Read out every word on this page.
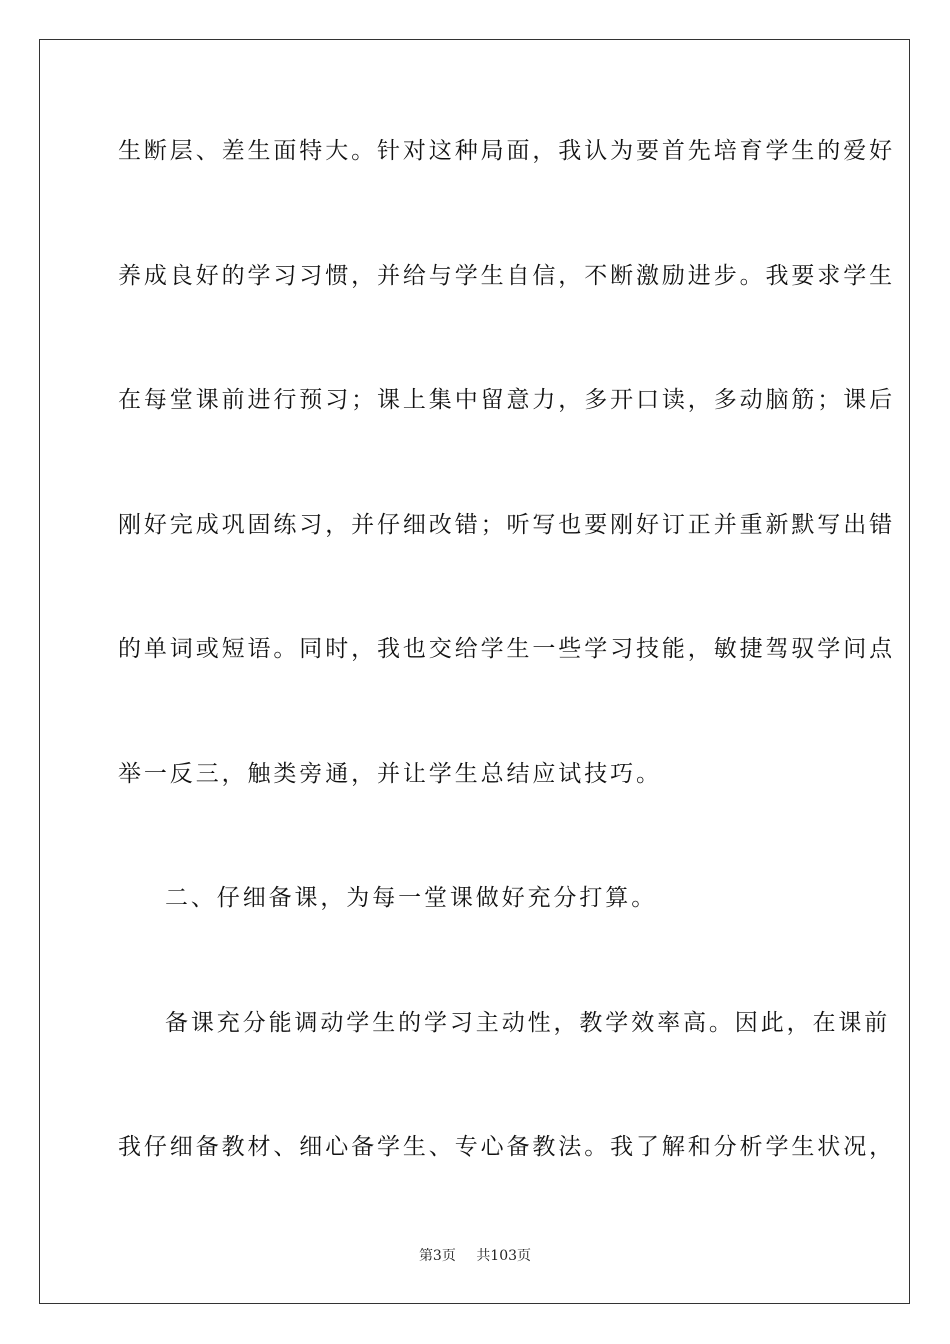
生断层、差生面特大。针对这种局面，我认为要首先培育学生的爱好
养成良好的学习习惯，并给与学生自信，不断激励进步。我要求学生
在每堂课前进行预习；课上集中留意力，多开口读，多动脑筋；课后
刚好完成巩固练习，并仔细改错；听写也要刚好订正并重新默写出错
的单词或短语。同时，我也交给学生一些学习技能，敏捷驾驭学问点
举一反三，触类旁通，并让学生总结应试技巧。
二、仔细备课，为每一堂课做好充分打算。
备课充分能调动学生的学习主动性，教学效率高。因此，在课前
我仔细备教材、细心备学生、专心备教法。我了解和分析学生状况，
第3页 共103页
